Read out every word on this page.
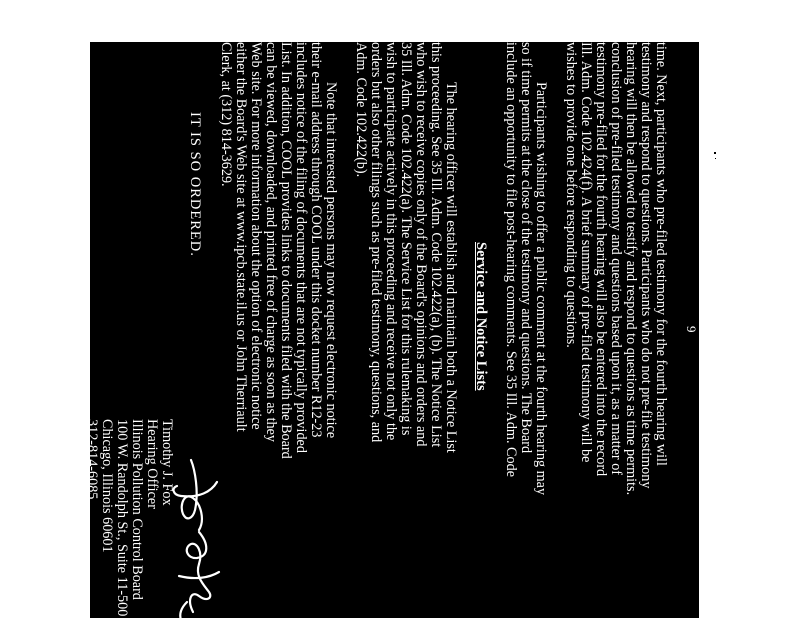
9
time. Next, participants who pre-filed testimony for the fourth hearing will
testimony and respond to questions. Participants who do not pre-file testimony
hearing will then be allowed to testify and respond to questions as time permits.
conclusion of pre-filed testimony and questions based upon it, as a matter of
testimony pre-filed for the fourth hearing will also be entered into the record
Ill. Adm. Code 102.424(f). A brief summary of pre-filed testimony will be
wishes to provide one before responding to questions.
Participants wishing to offer a public comment at the fourth hearing may
so if time permits at the close of the testimony and questions. The Board
include an opportunity to file post-hearing comments. See 35 Ill. Adm. Code
Service and Notice Lists
The hearing officer will establish and maintain both a Notice List
this proceeding. See 35 Ill. Adm. Code 102.422(a), (b). The Notice List
who wish to receive copies only of the Board's opinions and orders and
35 Ill. Adm. Code 102.422(a). The Service List for this rulemaking is
wish to participate actively in this proceeding and receive not only the
orders but also other filings such as pre-filed testimony, questions, and
Adm. Code 102.422(b).
Note that interested persons may now request electronic notice
their e-mail address through COOL under this docket number R12-23
includes notice of the filing of documents that are not typically provided
List. In addition, COOL provides links to documents filed with the Board
can be viewed, downloaded, and printed free of charge as soon as they
Web site. For more information about the option of electronic notice
either the Board's Web site at www.ipcb.state.il.us or John Therriault
Clerk, at (312) 814-3629.
IT IS SO ORDERED.
Timothy J. Fox
Hearing Officer
Illinois Pollution Control Board
100 W. Randolph St., Suite 11-500
Chicago, Illinois 60601
312-814-6085
foxt@ipcb.state.il.us
